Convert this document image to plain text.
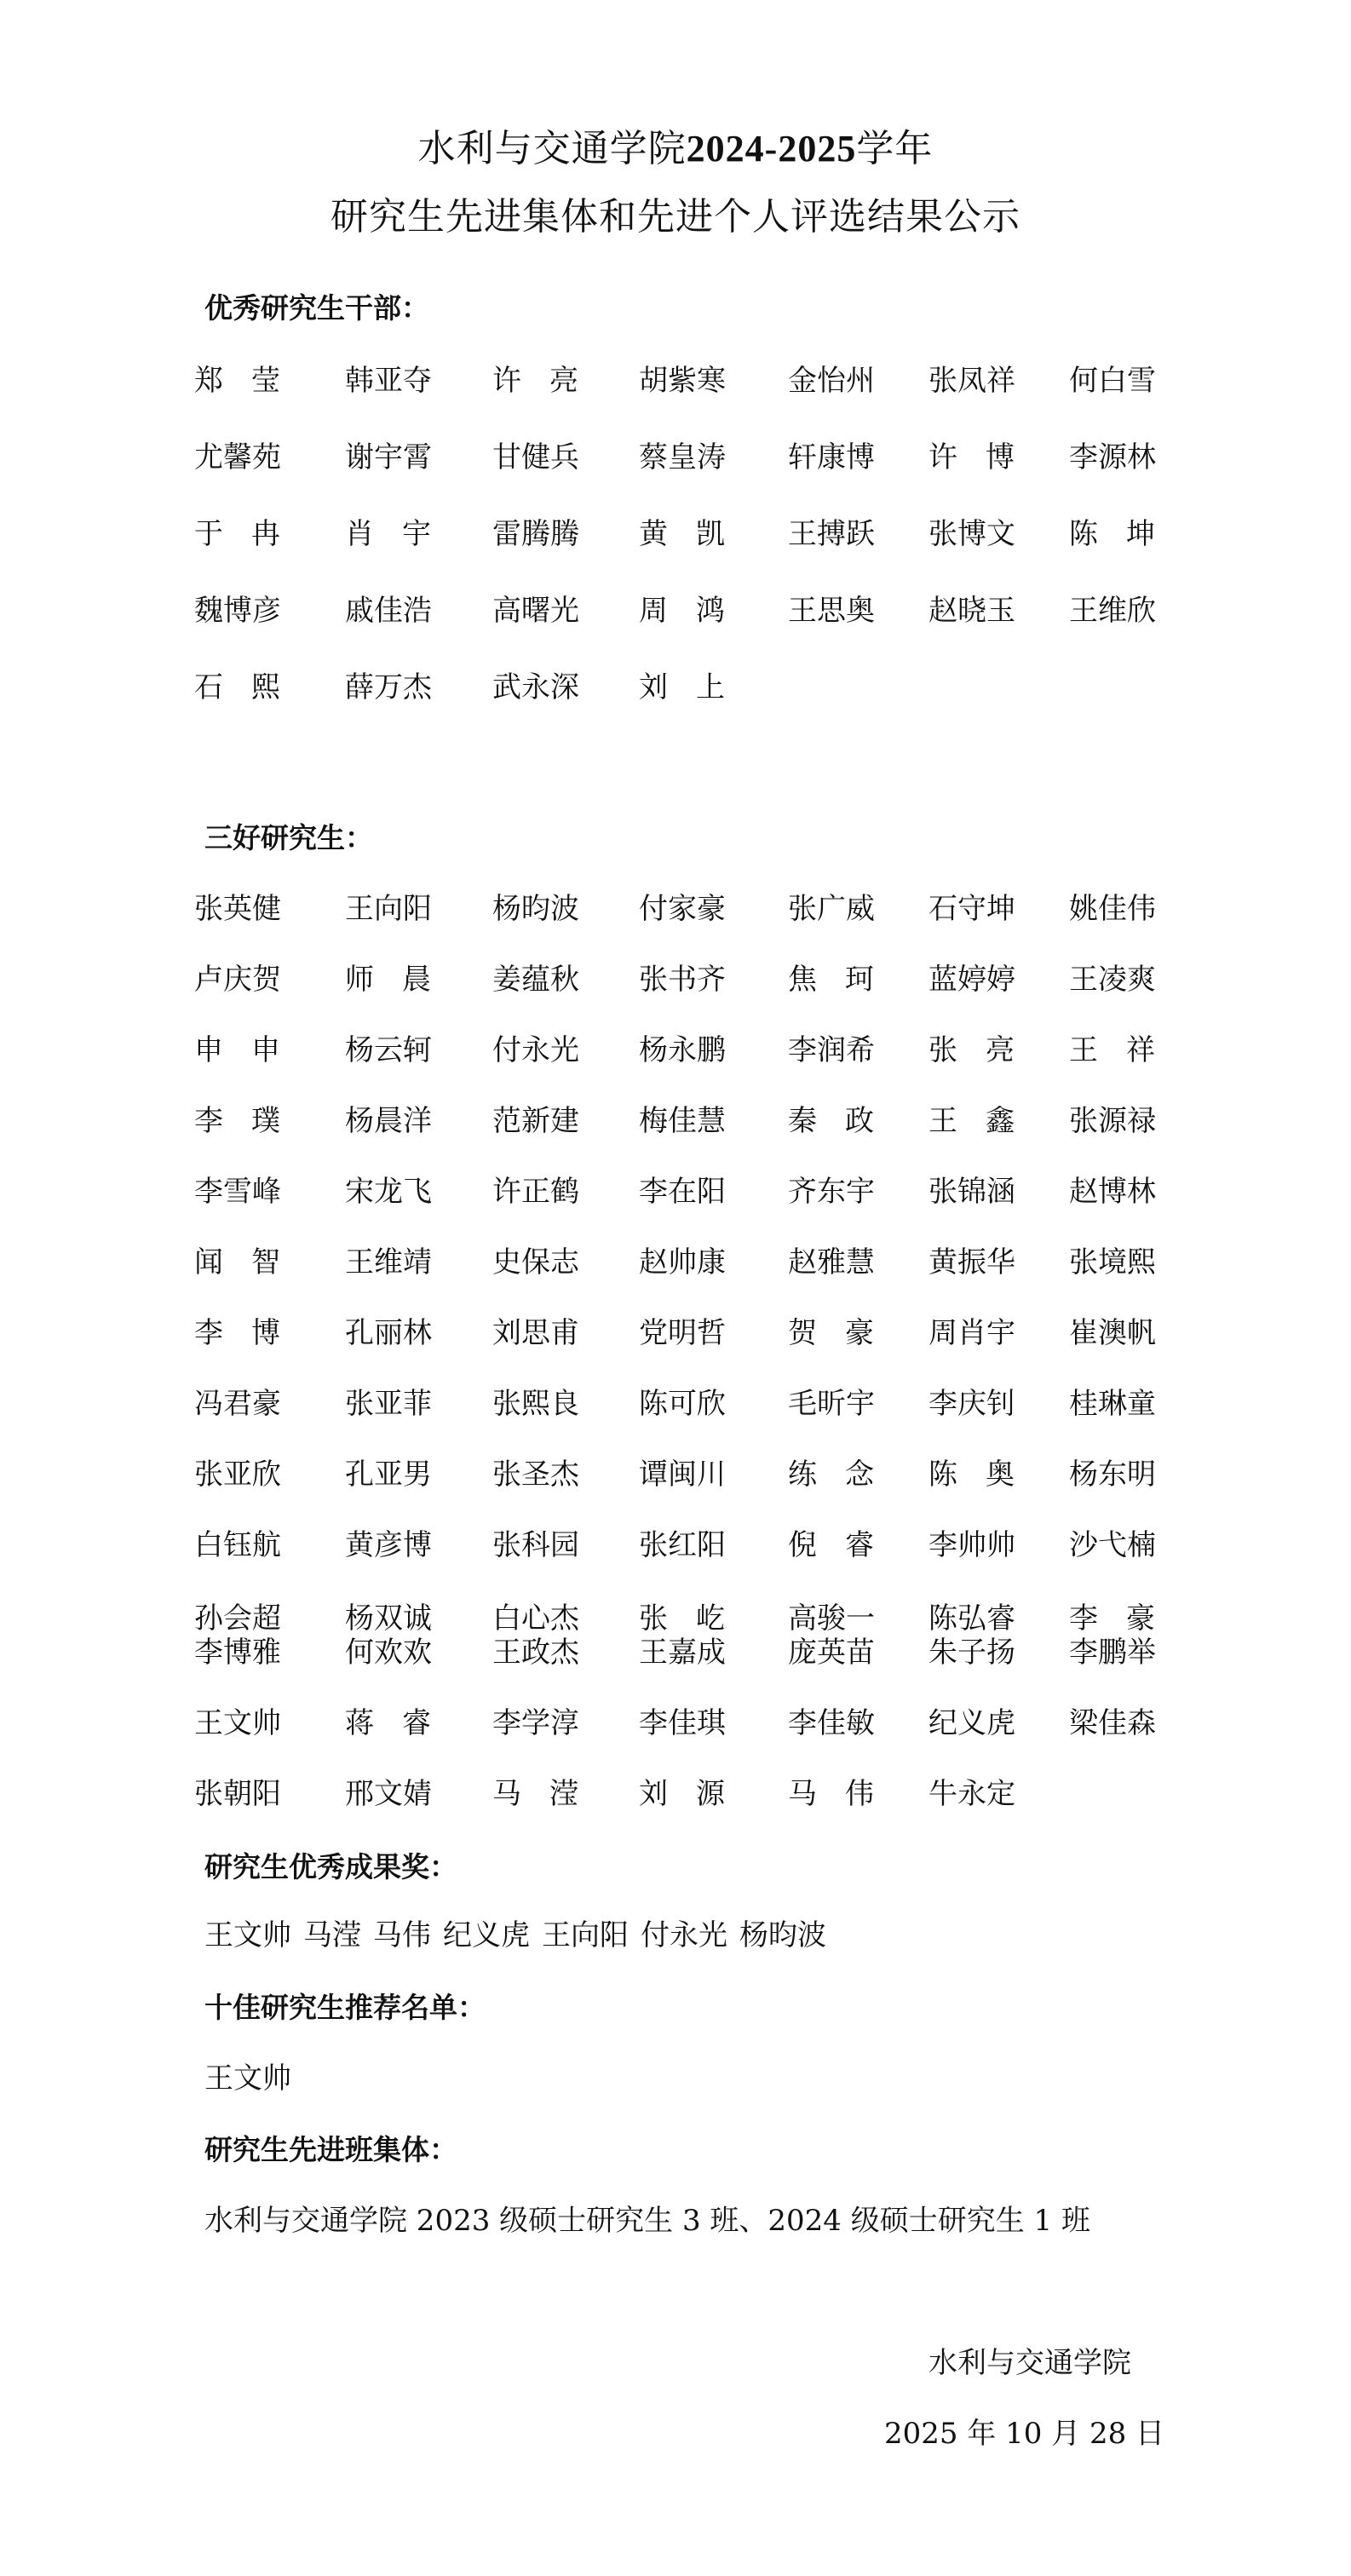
水利与交通学院2024-2025学年
研究生先进集体和先进个人评选结果公示
优秀研究生干部：
郑莹 韩亚夺 许亮 胡紫寒 金怡州 张凤祥 何白雪
尤馨苑 谢宇霄 甘健兵 蔡皇涛 轩康博 许博 李源林
于冉 肖宇 雷腾腾 黄凯 王搏跃 张博文 陈坤
魏博彦 戚佳浩 高曙光 周鸿 王思奥 赵晓玉 王维欣
石熙 薛万杰 武永深 刘上
三好研究生：
张英健 王向阳 杨昀波 付家豪 张广威 石守坤 姚佳伟
卢庆贺 师晨 姜蕴秋 张书齐 焦珂 蓝婷婷 王凌爽
申申 杨云轲 付永光 杨永鹏 李润希 张亮 王祥
李璞 杨晨洋 范新建 梅佳慧 秦政 王鑫 张源禄
李雪峰 宋龙飞 许正鹤 李在阳 齐东宇 张锦涵 赵博林
闻智 王维靖 史保志 赵帅康 赵雅慧 黄振华 张境熙
李博 孔丽林 刘思甫 党明哲 贺豪 周肖宇 崔澳帆
冯君豪 张亚菲 张熙良 陈可欣 毛昕宇 李庆钊 桂琳童
张亚欣 孔亚男 张圣杰 谭闽川 练念 陈奥 杨东明
白钰航 黄彦博 张科园 张红阳 倪睿 李帅帅 沙弋楠
孙会超 杨双诚 白心杰 张屹 高骏一 陈弘睿 李豪
李博雅 何欢欢 王政杰 王嘉成 庞英苗 朱子扬 李鹏举
王文帅 蒋睿 李学淳 李佳琪 李佳敏 纪义虎 梁佳森
张朝阳 邢文婧 马滢 刘源 马伟 牛永定
研究生优秀成果奖：
王文帅 马滢 马伟 纪义虎 王向阳 付永光 杨昀波
十佳研究生推荐名单：
王文帅
研究生先进班集体：
水利与交通学院 2023 级硕士研究生 3 班、2024 级硕士研究生 1 班
水利与交通学院
2025 年 10 月 28 日
